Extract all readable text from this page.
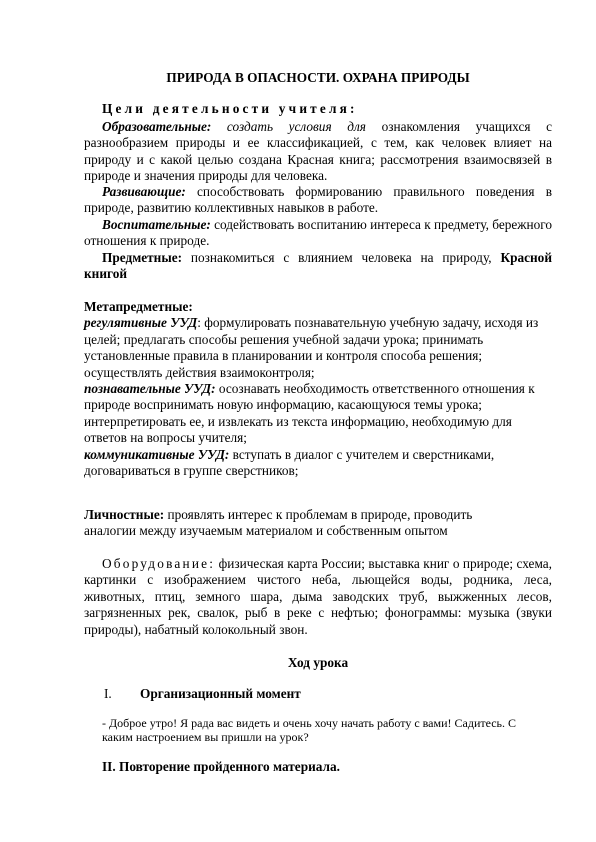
ПРИРОДА В ОПАСНОСТИ. ОХРАНА ПРИРОДЫ
Цели деятельности учителя:
Образовательные: создать условия для ознакомления учащихся с разнообразием природы и ее классификацией, с тем, как человек влияет на природу и с какой целью создана Красная книга; рассмотрения взаимосвязей в природе и значения природы для человека.
Развивающие: способствовать формированию правильного поведения в природе, развитию коллективных навыков в работе.
Воспитательные: содействовать воспитанию интереса к предмету, бережного отношения к природе.
Предметные: познакомиться с влиянием человека на природу, Красной книгой

Метапредметные:

регулятивные УУД: формулировать познавательную учебную задачу, исходя из целей; предлагать способы решения учебной задачи урока; принимать установленные правила в планировании и контроля способа решения; осуществлять действия взаимоконтроля;

познавательные УУД: осознавать необходимость ответственного отношения к природе воспринимать новую информацию, касающуюся темы урока; интерпретировать ее, и извлекать из текста информацию, необходимую для ответов на вопросы учителя;

коммуникативные УУД: вступать в диалог с учителем и сверстниками, договариваться в группе сверстников;

Личностные: проявлять интерес к проблемам в природе, проводить аналогии между изучаемым материалом и собственным опытом
Оборудование: физическая карта России; выставка книг о природе; схема, картинки с изображением чистого неба, льющейся воды, родника, леса, животных, птиц, земного шара, дыма заводских труб, выжженных лесов, загрязненных рек, свалок, рыб в реке с нефтью; фонограммы: музыка (звуки природы), набатный колокольный звон.
Ход урока
I. Организационный момент
- Доброе утро! Я рада вас видеть и очень хочу начать работу с вами! Садитесь. С каким настроением вы пришли на урок?
II. Повторение пройденного материала.
